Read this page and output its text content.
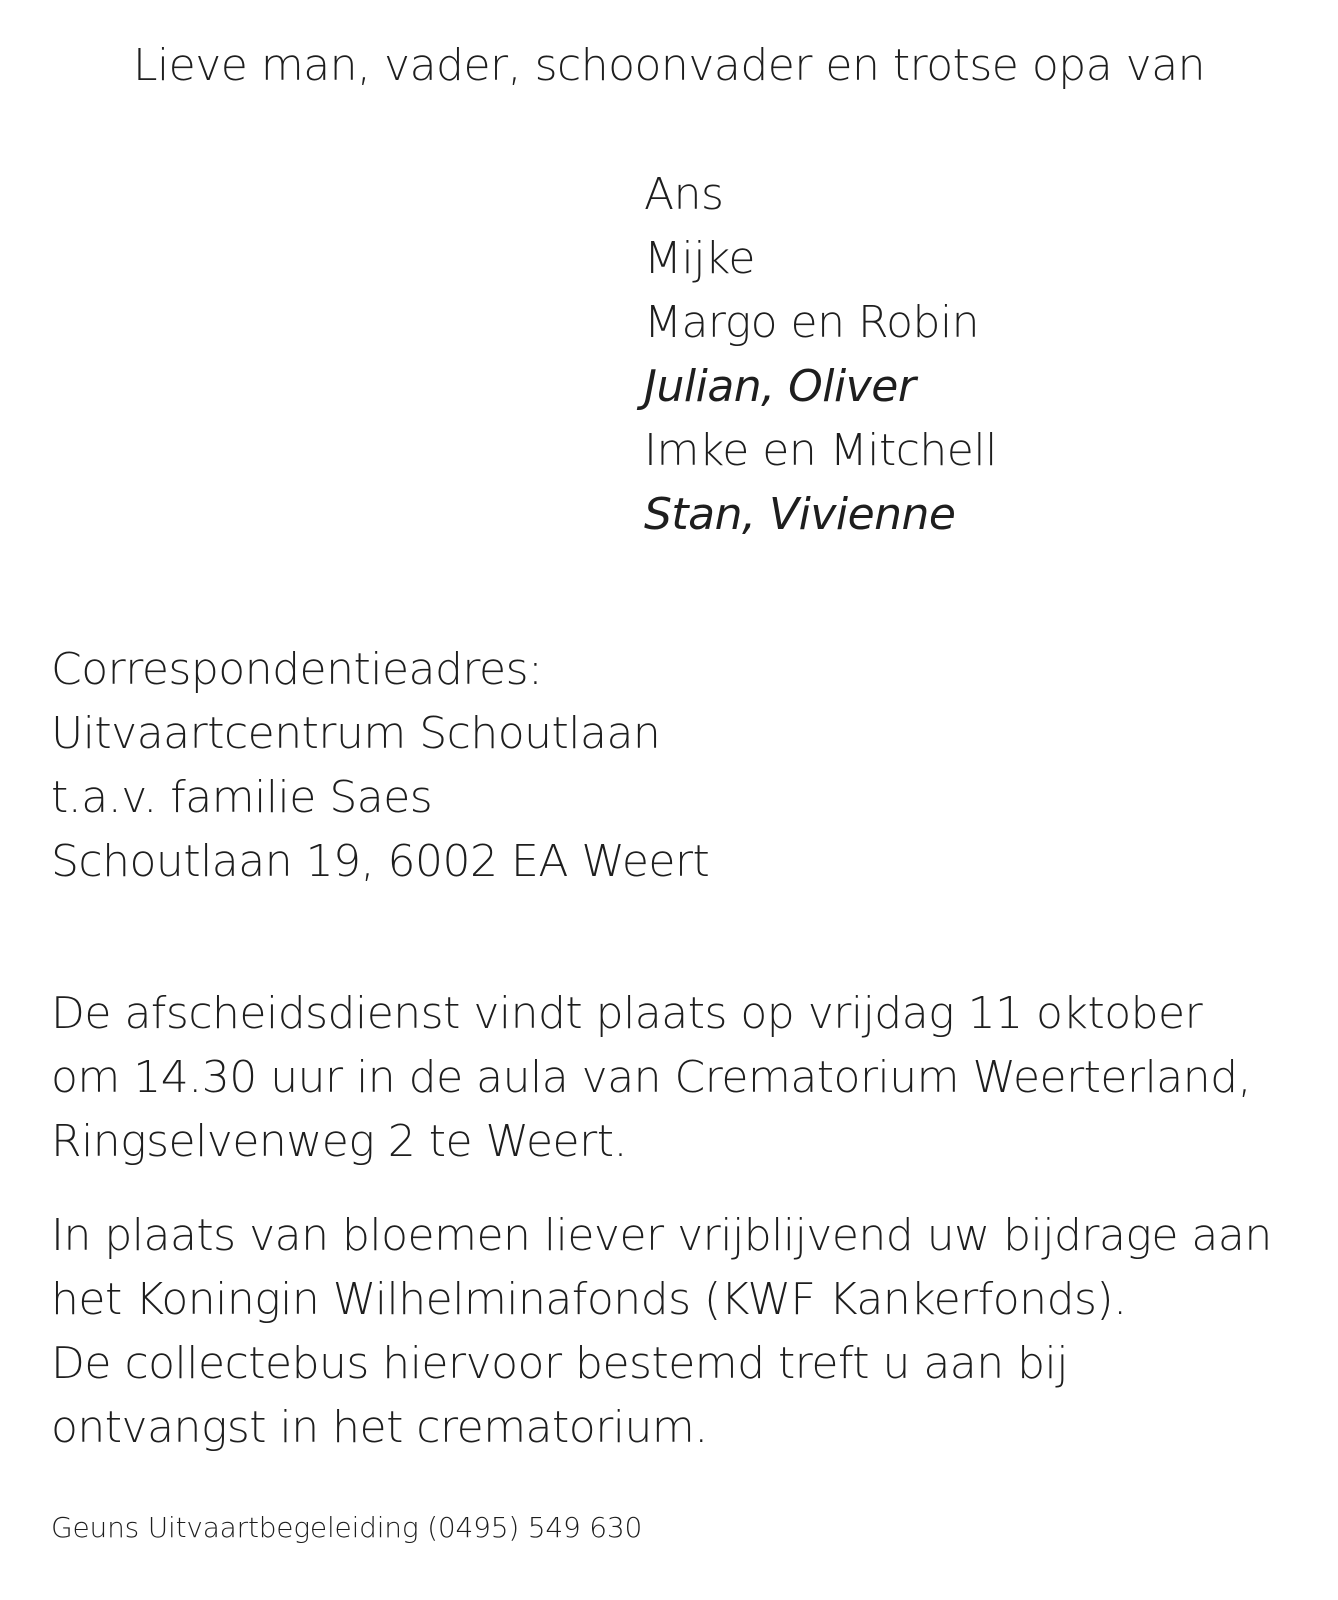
Lieve man, vader, schoonvader en trotse opa van
Ans
Mijke
Margo en Robin
Julian, Oliver
Imke en Mitchell
Stan, Vivienne
Correspondentieadres:
Uitvaartcentrum Schoutlaan
t.a.v. familie Saes
Schoutlaan 19, 6002 EA Weert
De afscheidsdienst vindt plaats op vrijdag 11 oktober
om 14.30 uur in de aula van Crematorium Weerterland,
Ringselvenweg 2 te Weert.
In plaats van bloemen liever vrijblijvend uw bijdrage aan
het Koningin Wilhelminafonds (KWF Kankerfonds).
De collectebus hiervoor bestemd treft u aan bij
ontvangst in het crematorium.
Geuns Uitvaartbegeleiding (0495) 549 630
